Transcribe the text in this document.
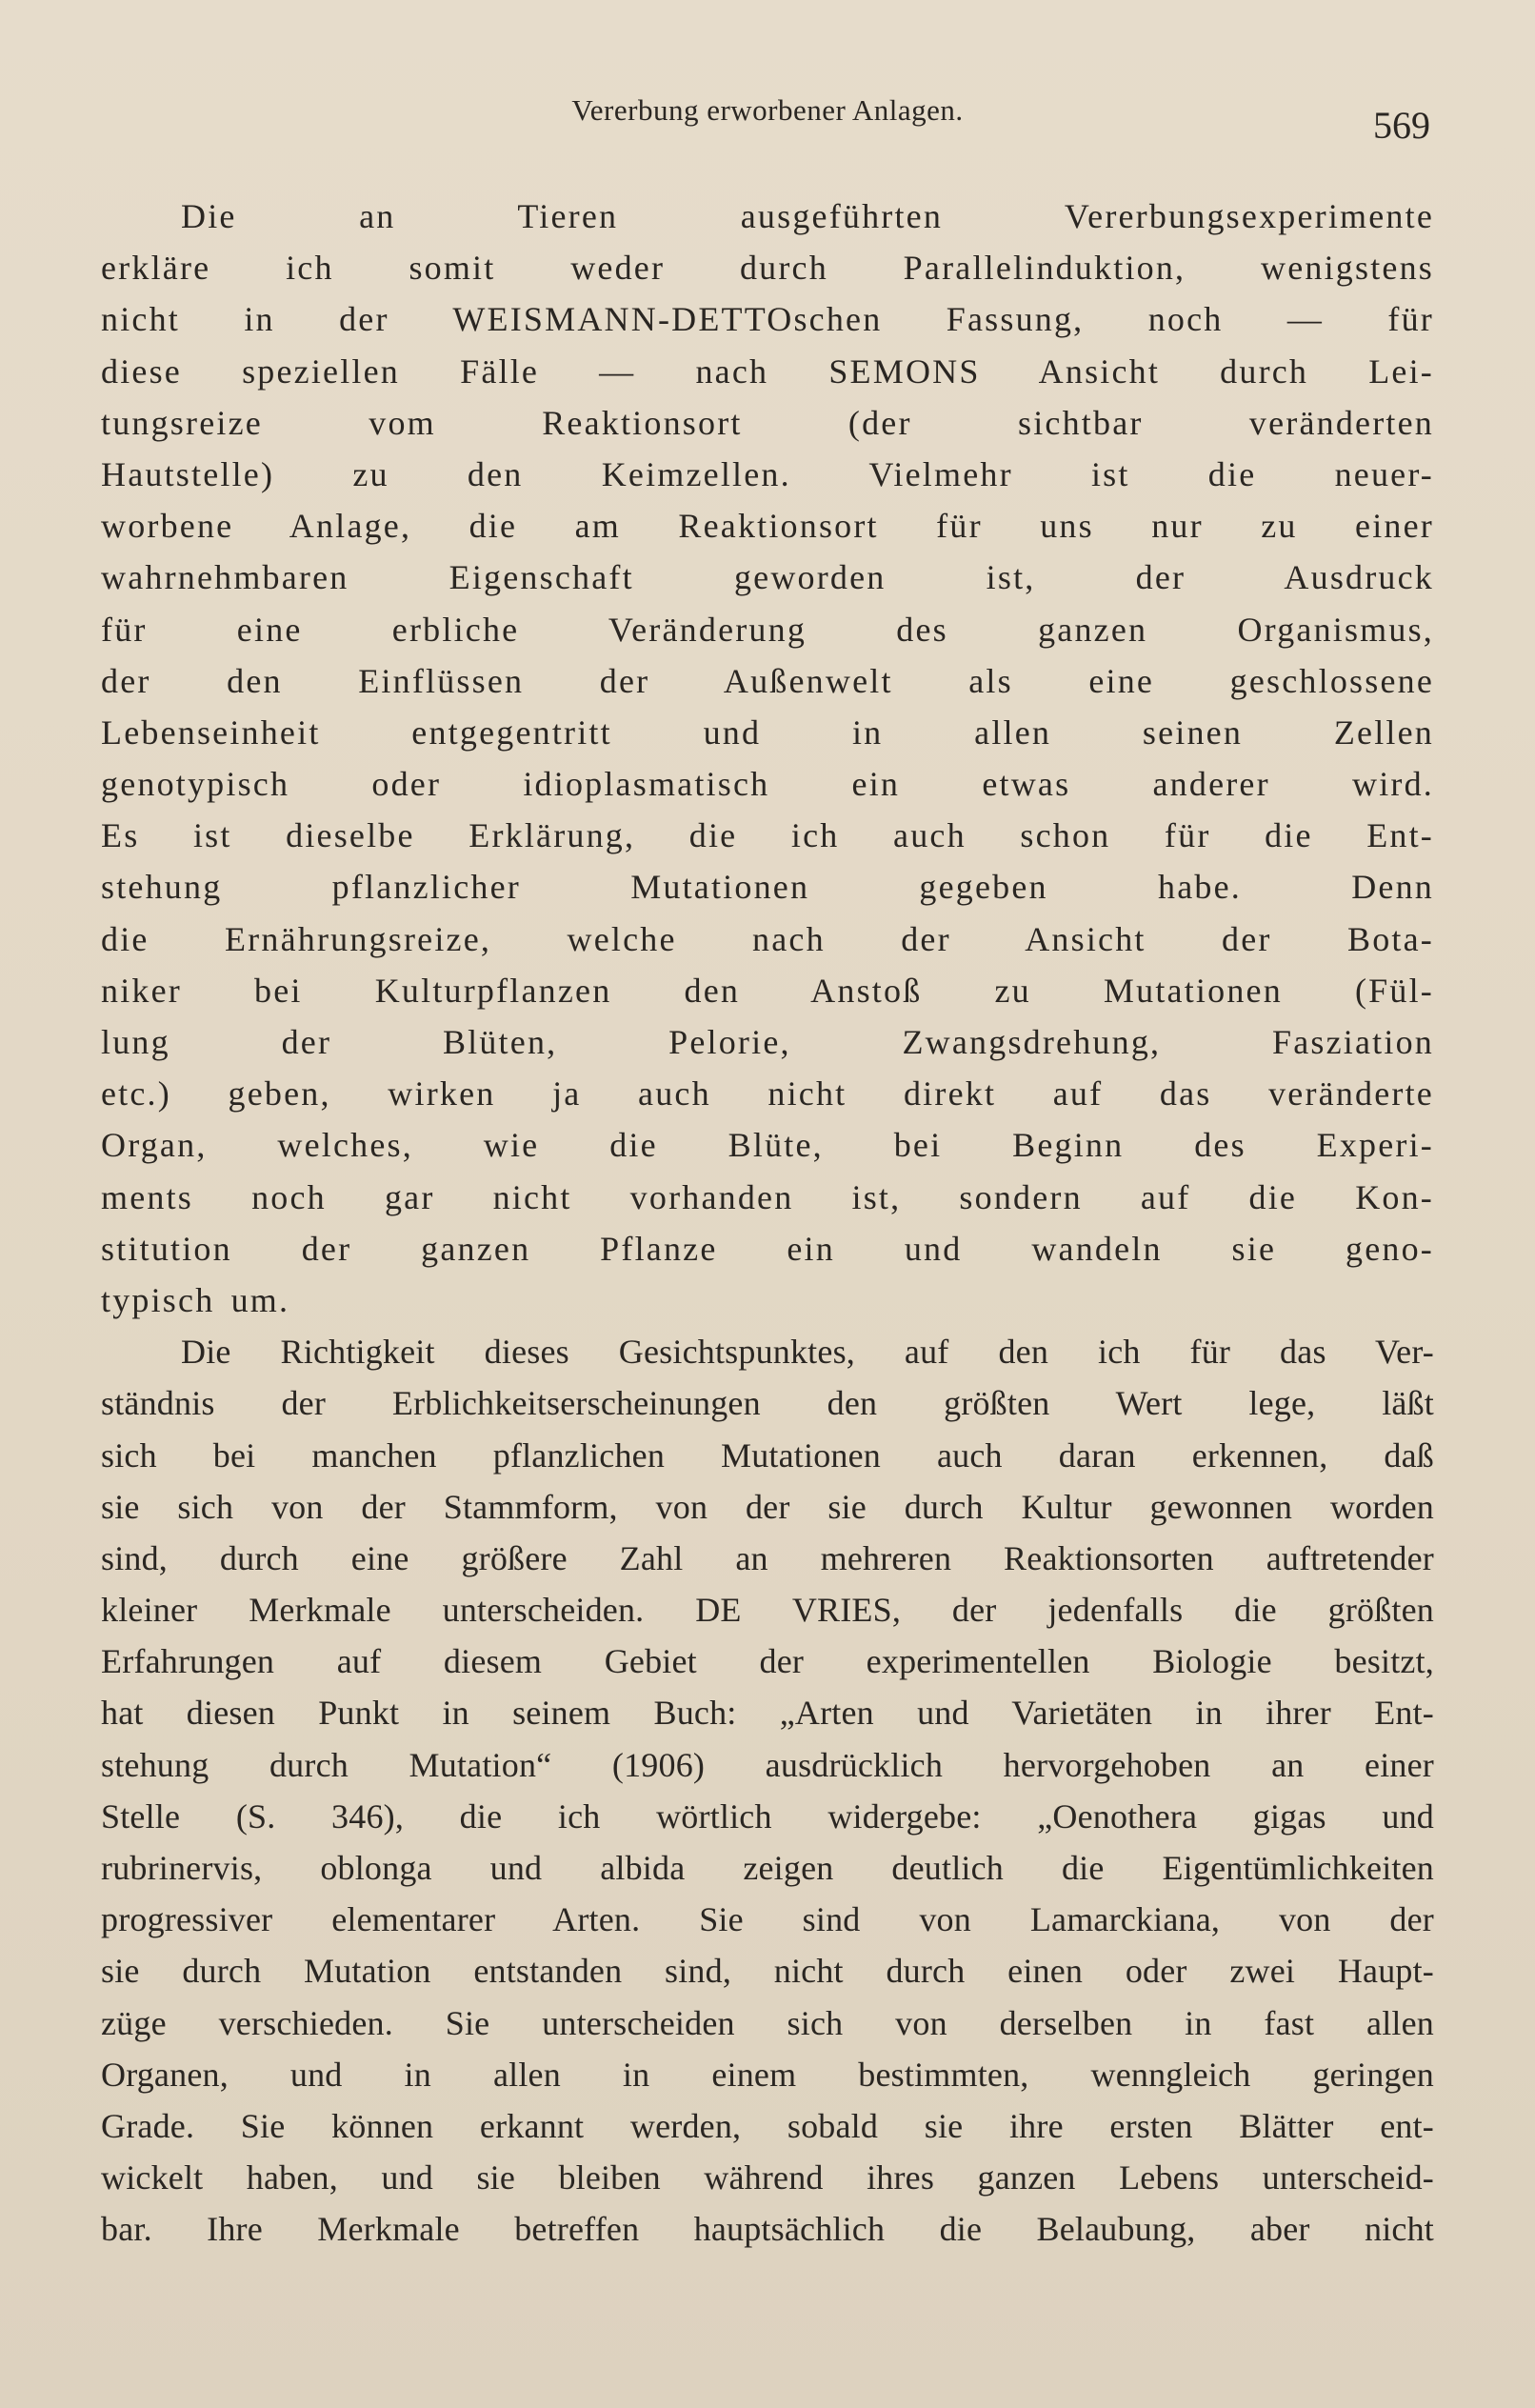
Vererbung erworbener Anlagen.	569
Die an Tieren ausgeführten Vererbungsexperimente
erkläre ich somit weder durch Parallelinduktion, wenigstens
nicht in der WEISMANN-DETTOschen Fassung, noch — für
diese speziellen Fälle — nach SEMONS Ansicht durch Lei-
tungsreize vom Reaktionsort (der sichtbar veränderten
Hautstelle) zu den Keimzellen. Vielmehr ist die neuer-
worbene Anlage, die am Reaktionsort für uns nur zu einer
wahrnehmbaren Eigenschaft geworden ist, der Ausdruck
für eine erbliche Veränderung des ganzen Organismus,
der den Einflüssen der Außenwelt als eine geschlossene
Lebenseinheit entgegentritt und in allen seinen Zellen
genotypisch oder idioplasmatisch ein etwas anderer wird.
Es ist dieselbe Erklärung, die ich auch schon für die Ent-
stehung pflanzlicher Mutationen gegeben habe. Denn
die Ernährungsreize, welche nach der Ansicht der Bota-
niker bei Kulturpflanzen den Anstoß zu Mutationen (Fül-
lung der Blüten, Pelorie, Zwangsdrehung, Fasziation
etc.) geben, wirken ja auch nicht direkt auf das veränderte
Organ, welches, wie die Blüte, bei Beginn des Experi-
ments noch gar nicht vorhanden ist, sondern auf die Kon-
stitution der ganzen Pflanze ein und wandeln sie geno-
typisch um.
Die Richtigkeit dieses Gesichtspunktes, auf den ich für das Ver-
ständnis der Erblichkeitserscheinungen den größten Wert lege, läßt
sich bei manchen pflanzlichen Mutationen auch daran erkennen, daß
sie sich von der Stammform, von der sie durch Kultur gewonnen worden
sind, durch eine größere Zahl an mehreren Reaktionsorten auftretender
kleiner Merkmale unterscheiden. DE VRIES, der jedenfalls die größten
Erfahrungen auf diesem Gebiet der experimentellen Biologie besitzt,
hat diesen Punkt in seinem Buch: „Arten und Varietäten in ihrer Ent-
stehung durch Mutation“ (1906) ausdrücklich hervorgehoben an einer
Stelle (S. 346), die ich wörtlich widergebe: „Oenothera gigas und
rubrinervis, oblonga und albida zeigen deutlich die Eigentümlichkeiten
progressiver elementarer Arten. Sie sind von Lamarckiana, von der
sie durch Mutation entstanden sind, nicht durch einen oder zwei Haupt-
züge verschieden. Sie unterscheiden sich von derselben in fast allen
Organen, und in allen in einem bestimmten, wenngleich geringen
Grade. Sie können erkannt werden, sobald sie ihre ersten Blätter ent-
wickelt haben, und sie bleiben während ihres ganzen Lebens unterscheid-
bar. Ihre Merkmale betreffen hauptsächlich die Belaubung, aber nicht
